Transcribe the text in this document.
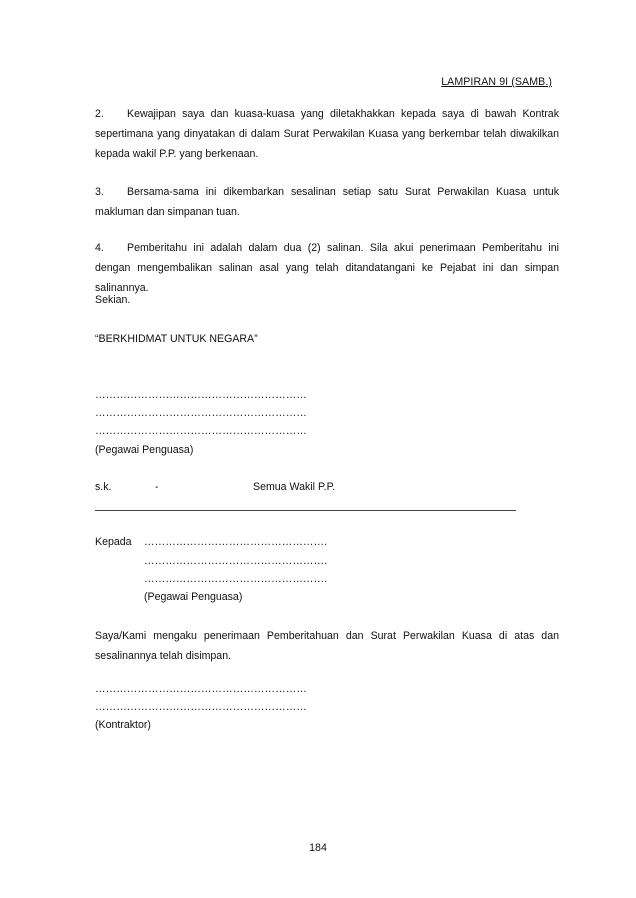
LAMPIRAN 9I (SAMB.)
2. Kewajipan saya dan kuasa-kuasa yang diletakhakkan kepada saya di bawah Kontrak sepertimana yang dinyatakan di dalam Surat Perwakilan Kuasa yang berkembar telah diwakilkan kepada wakil P.P. yang berkenaan.
3. Bersama-sama ini dikembarkan sesalinan setiap satu Surat Perwakilan Kuasa untuk makluman dan simpanan tuan.
4. Pemberitahu ini adalah dalam dua (2) salinan. Sila akui penerimaan Pemberitahu ini dengan mengembalikan salinan asal yang telah ditandatangani ke Pejabat ini dan simpan salinannya.
Sekian.
“BERKHIDMAT UNTUK NEGARA”
……………………………………………………
……………………………………………………
……………………………………………………
(Pegawai Penguasa)
s.k.	-	Semua Wakil P.P.
Kepada …………………………………………….
…………………………………………….
…………………………………………….
(Pegawai Penguasa)
Saya/Kami mengaku penerimaan Pemberitahuan dan Surat Perwakilan Kuasa di atas dan sesalinannya telah disimpan.
……………………………………………………
……………………………………………………
(Kontraktor)
184
